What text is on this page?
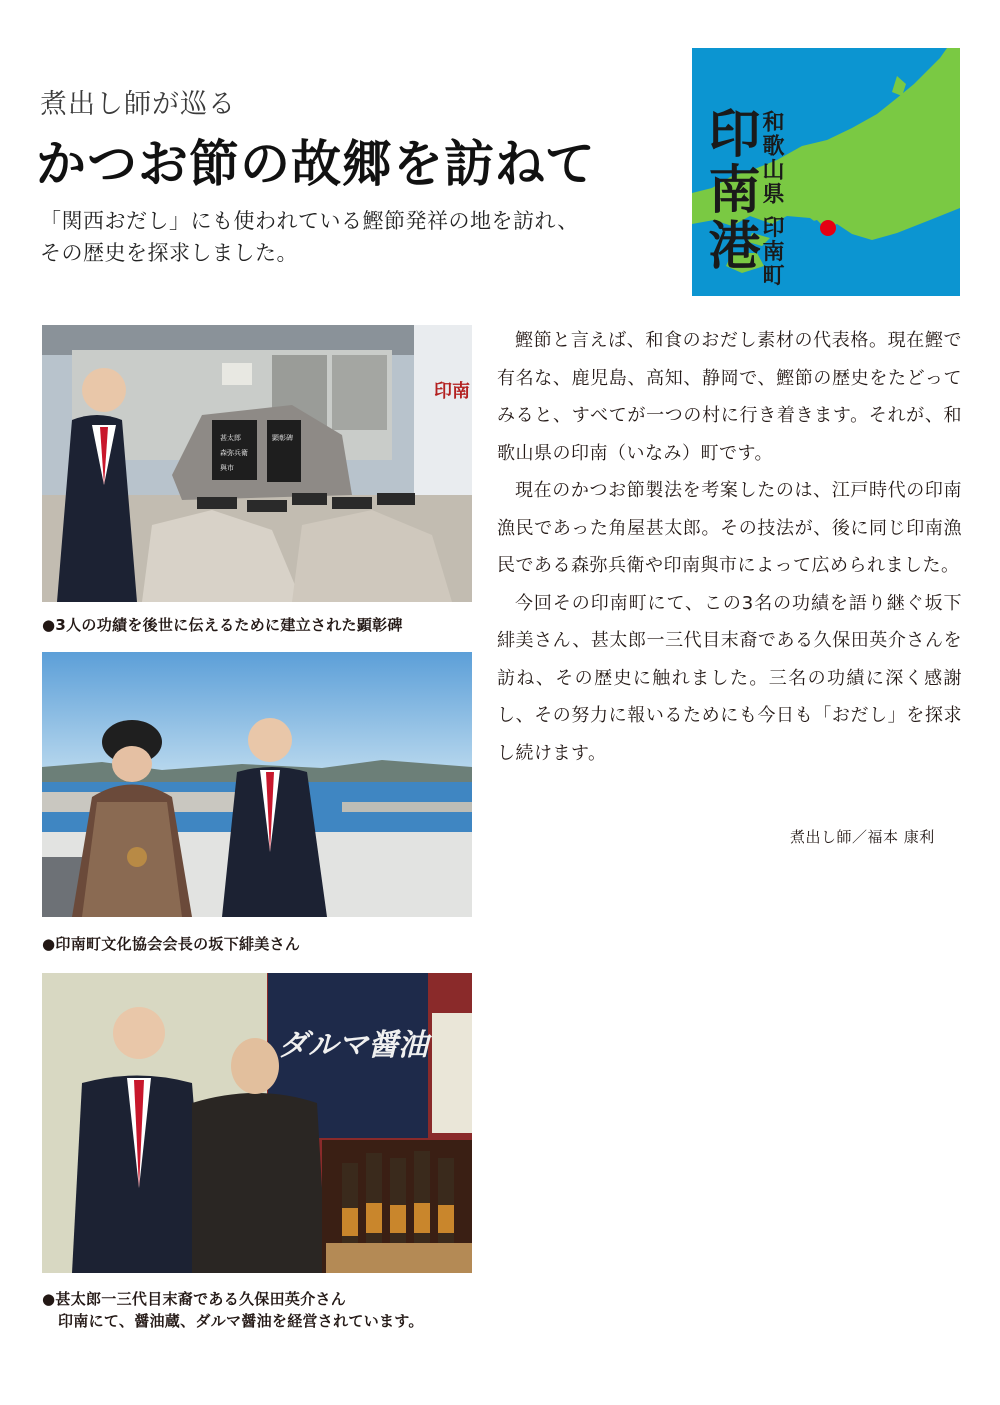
煮出し師が巡る
かつお節の故郷を訪ねて
「関西おだし」にも使われている鰹節発祥の地を訪れ、
その歴史を探求しました。	印南港 和歌山県 印南町
印南
顕彰碑
甚太郎
森弥兵衛
與市
●3人の功績を後世に伝えるために建立された顕彰碑
●印南町文化協会会長の坂下緋美さん
ダルマ醤油
●甚太郎一三代目末裔である久保田英介さん
印南にて、醤油蔵、ダルマ醤油を経営されています。

鰹節と言えば、和食のおだし素材の代表格。現在鰹で有名な、鹿児島、高知、静岡で、鰹節の歴史をたどってみると、すべてが一つの村に行き着きます。それが、和歌山県の印南（いなみ）町です。

現在のかつお節製法を考案したのは、江戸時代の印南漁民であった角屋甚太郎。その技法が、後に同じ印南漁民である森弥兵衛や印南與市によって広められました。

今回その印南町にて、この3名の功績を語り継ぐ坂下緋美さん、甚太郎一三代目末裔である久保田英介さんを訪ね、その歴史に触れました。三名の功績に深く感謝し、その努力に報いるためにも今日も「おだし」を探求し続けます。

煮出し師／福本 康利
